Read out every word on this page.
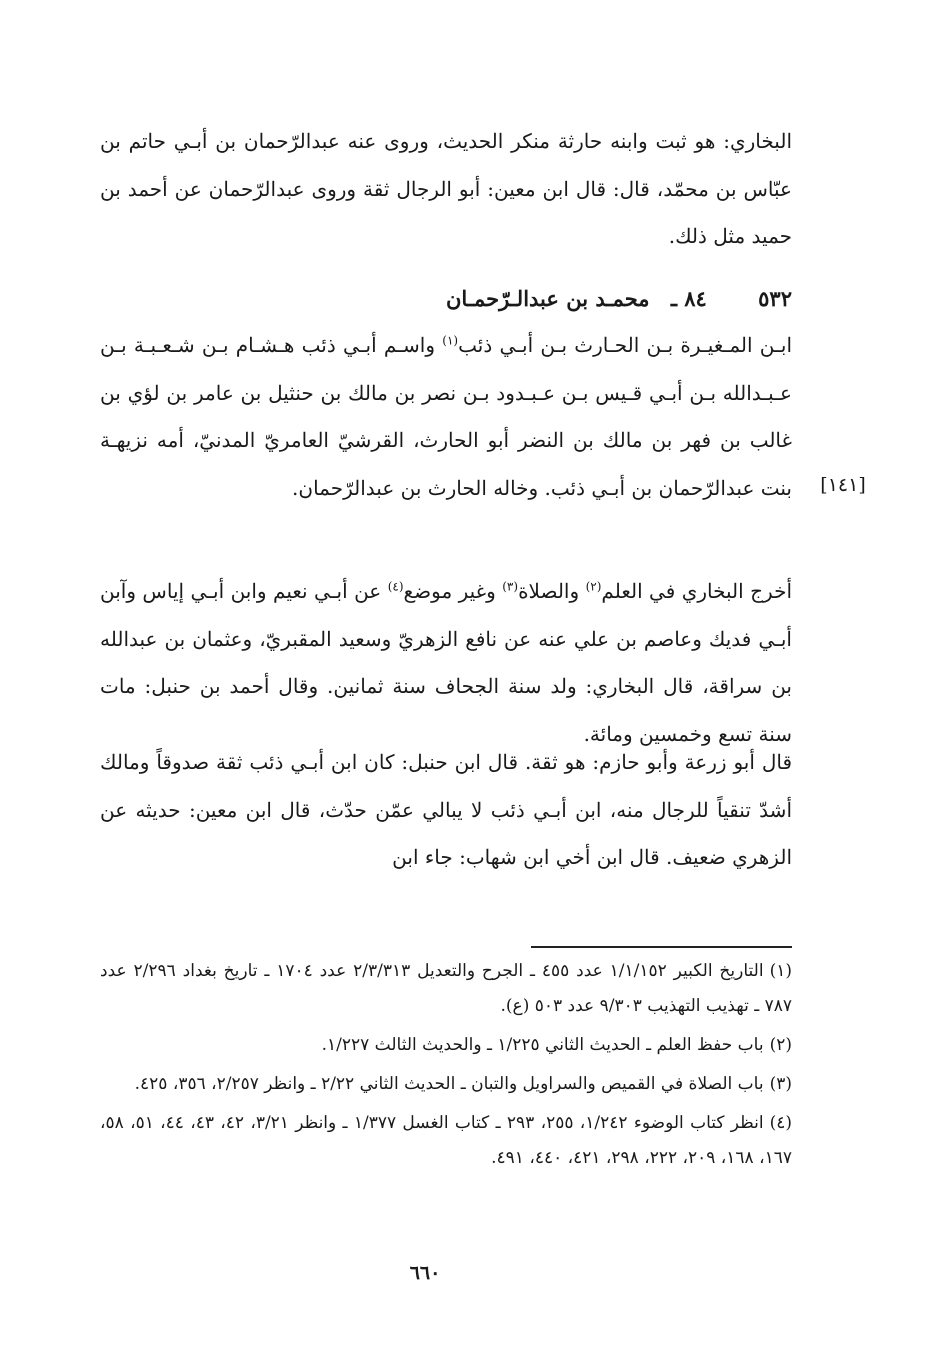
البخاري: هو ثبت وابنه حارثة منكر الحديث، وروى عنه عبدالرّحمان بن أبـي حاتم بن عبّاس بن محمّد، قال: قال ابن معين: أبو الرجال ثقة وروى عبدالرّحمان عن أحمد بن حميد مثل ذلك.

٥٣٢ ٨٤ ـ محمـد بن عبدالـرّحمـان

ابـن المـغيـرة بـن الحـارث بـن أبـي ذئب$^{(١)}$ واسـم أبـي ذئب هـشـام بـن شـعـبـة بـن عـبـدالله بـن أبـي قـيس بـن عـبـدود بـن نصر بن مالك بن حنثيل بن عامر بن لؤي بن غالب بن فهر بن مالك بن النضر أبو الحارث، القرشيّ العامريّ المدنيّ، أمه نزيهـة بنت عبدالرّحمان بن أبـي ذئب. وخاله الحارث بن عبدالرّحمان.	[١٤١]

أخرج البخاري في العلم$^{(٢)}$ والصلاة$^{(٣)}$ وغير موضع$^{(٤)}$ عن أبـي نعيم وابن أبـي إياس وآبن أبـي فديك وعاصم بن علي عنه عن نافع الزهريّ وسعيد المقبريّ، وعثمان بن عبدالله بن سراقة، قال البخاري: ولد سنة الجحاف سنة ثمانين. وقال أحمد بن حنبل: مات سنة تسع وخمسين ومائة.

قال أبو زرعة وأبو حازم: هو ثقة. قال ابن حنبل: كان ابن أبـي ذئب ثقة صدوقاً ومالك أشدّ تنقياً للرجال منه، ابن أبـي ذئب لا يبالي عمّن حدّث، قال ابن معين: حديثه عن الزهري ضعيف. قال ابن أخي ابن شهاب: جاء ابن

(١)التاريخ الكبير ١/١/١٥٢ عدد ٤٥٥ ـ الجرح والتعديل ٢/٣/٣١٣ عدد ١٧٠٤ ـ تاريخ بغداد ٢/٢٩٦ عدد ٧٨٧ ـ تهذيب التهذيب ٩/٣٠٣ عدد ٥٠٣ (ع).

(٢)باب حفظ العلم ـ الحديث الثاني ١/٢٢٥ ـ والحديث الثالث ١/٢٢٧.

(٣)باب الصلاة في القميص والسراويل والتبان ـ الحديث الثاني ٢/٢٢ ـ وانظر ٢/٢٥٧، ٣٥٦، ٤٢٥.

(٤)انظر كتاب الوضوء ١/٢٤٢، ٢٥٥، ٢٩٣ ـ كتاب الغسل ١/٣٧٧ ـ وانظر ٣/٢١، ٤٢، ٤٣، ٤٤، ٥١، ٥٨، ١٦٧، ١٦٨، ٢٠٩، ٢٢٢، ٢٩٨، ٤٢١، ٤٤٠، ٤٩١.

٦٦٠
